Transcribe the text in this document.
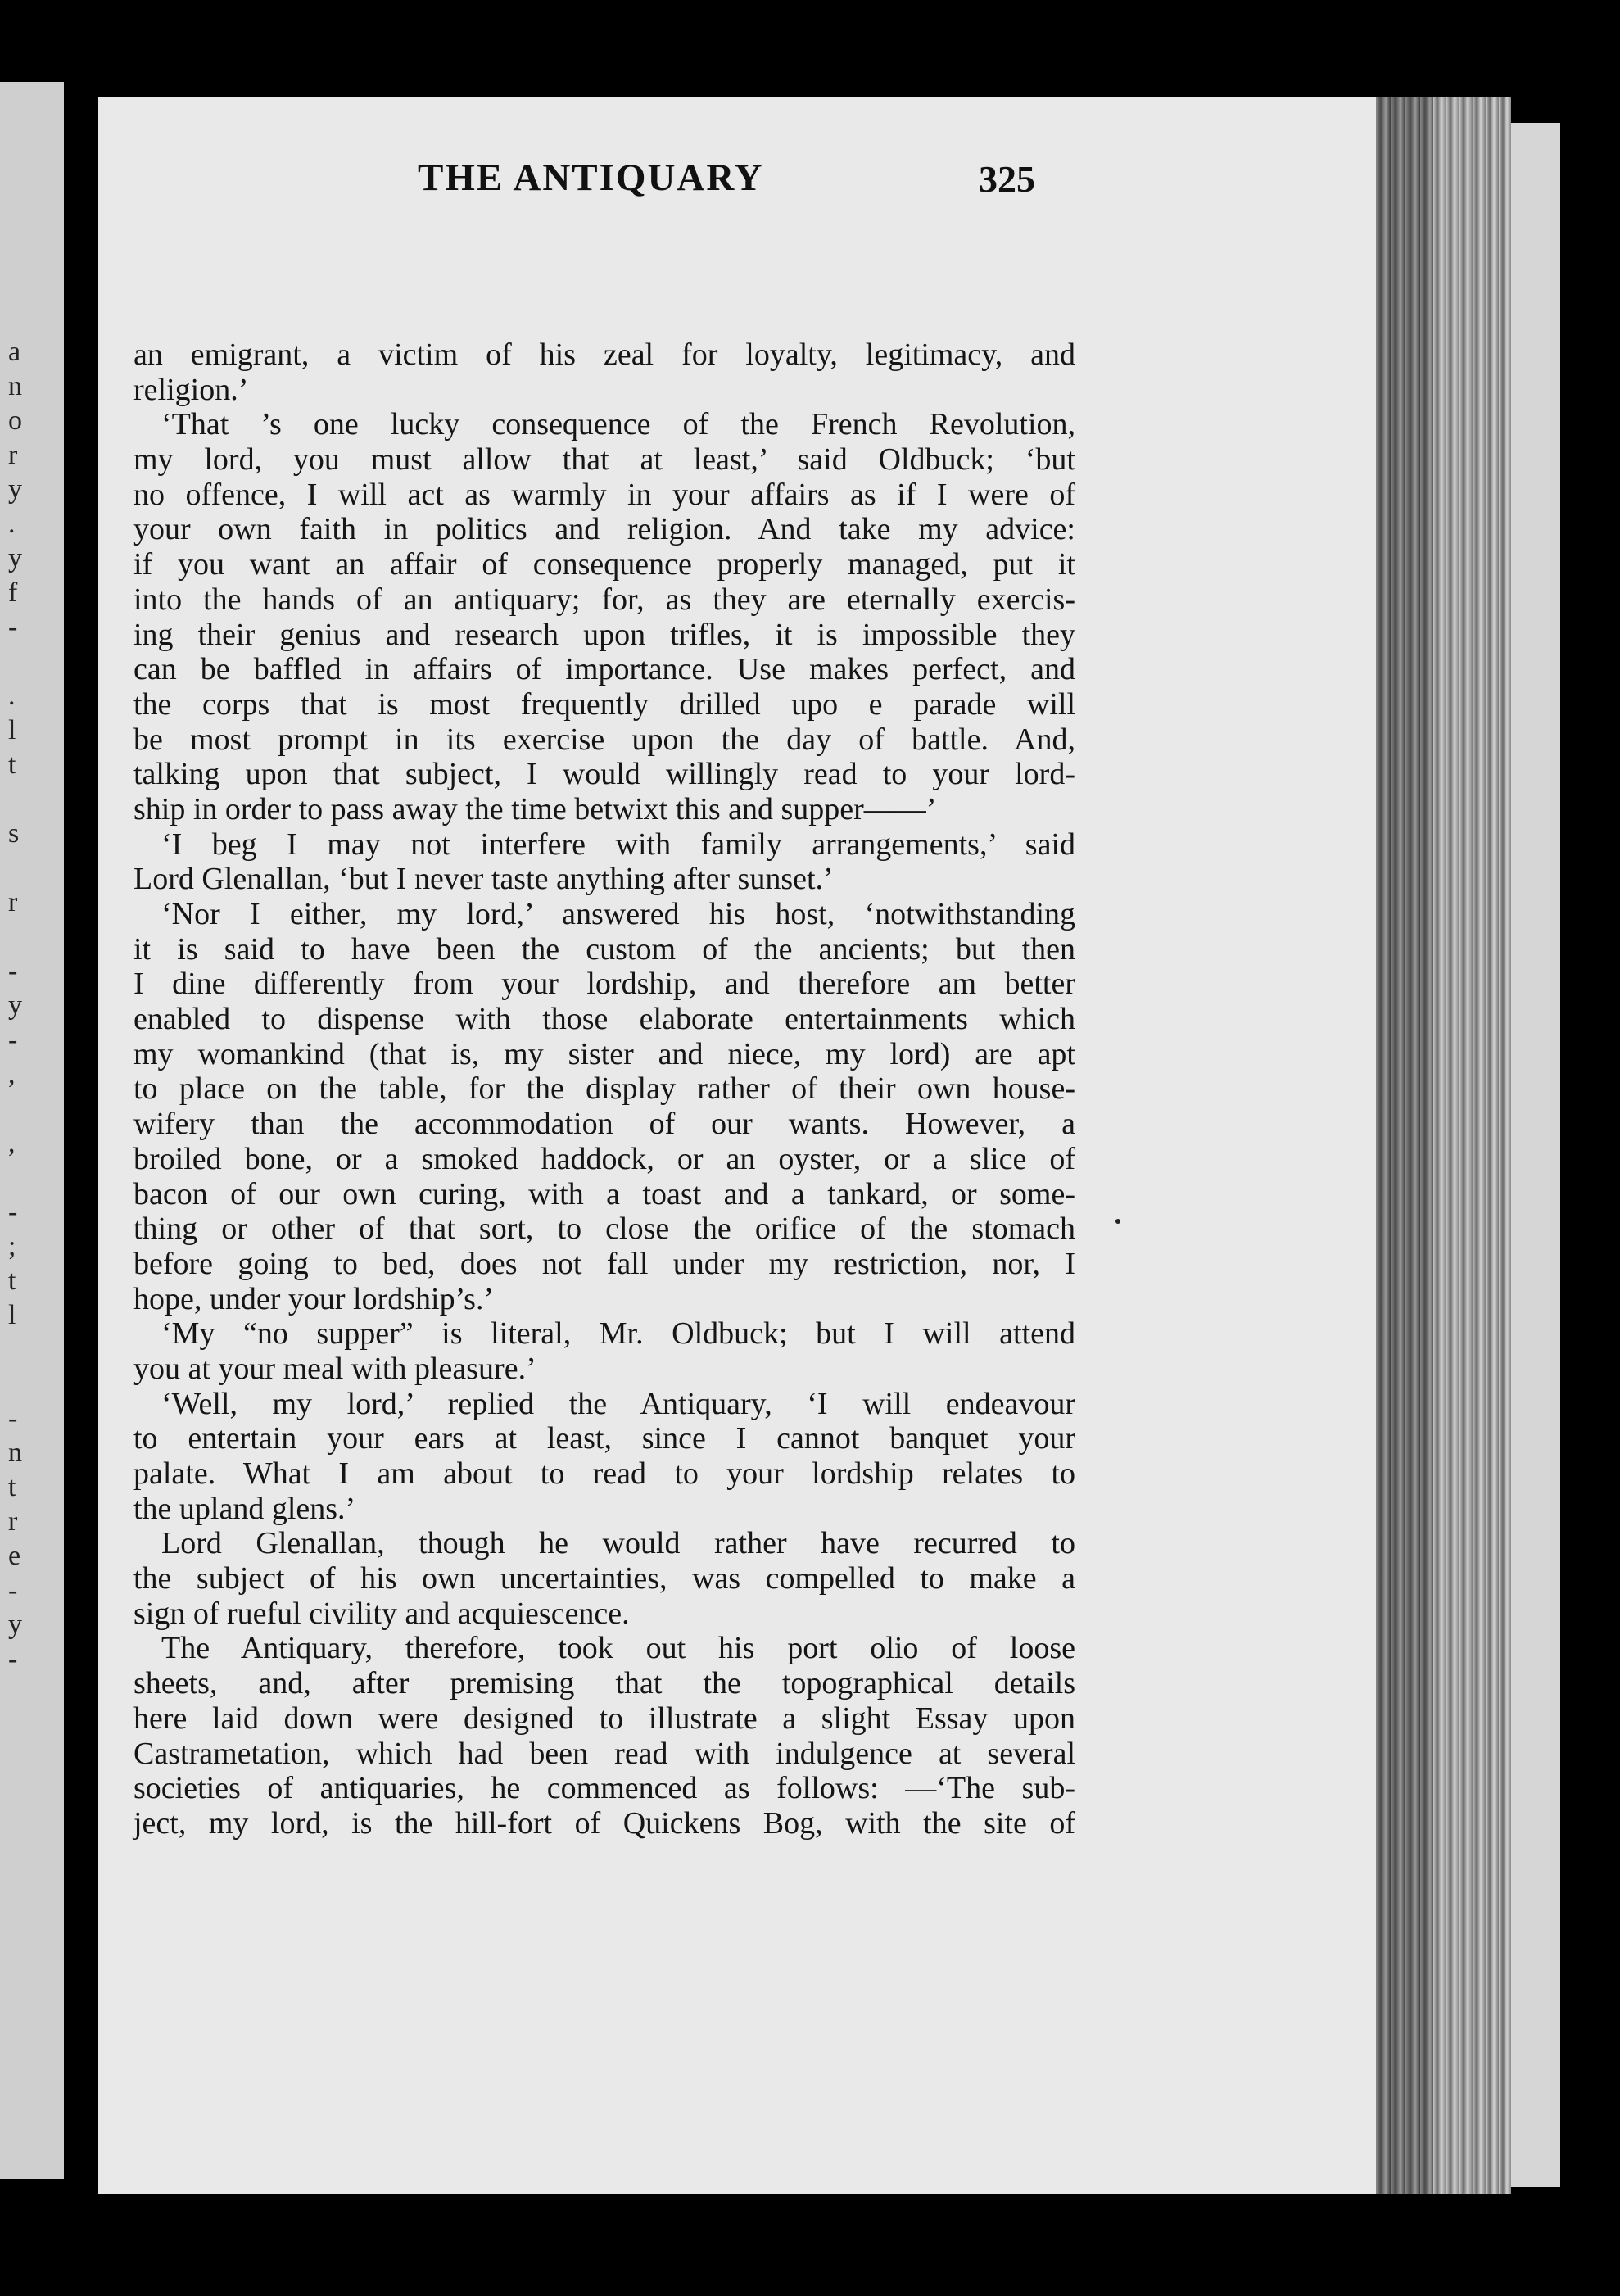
a
n
o
r
y
.
y
f
-
.
l
t
s
r
-
y
-
,
,
-
;
t
l
-
n
t
r
e
-
y
-
THE ANTIQUARY	325
an emigrant, a victim of his zeal for loyalty, legitimacy, and
religion.’
‘That ’s one lucky consequence of the French Revolution,
my lord, you must allow that at least,’ said Oldbuck; ‘but
no offence, I will act as warmly in your affairs as if I were of
your own faith in politics and religion. And take my advice:
if you want an affair of consequence properly managed, put it
into the hands of an antiquary; for, as they are eternally exercis-
ing their genius and research upon trifles, it is impossible they
can be baffled in affairs of importance. Use makes perfect, and
the corps that is most frequently drilled upo e parade will
be most prompt in its exercise upon the day of battle. And,
talking upon that subject, I would willingly read to your lord-
ship in order to pass away the time betwixt this and supper——’
‘I beg I may not interfere with family arrangements,’ said
Lord Glenallan, ‘but I never taste anything after sunset.’
‘Nor I either, my lord,’ answered his host, ‘notwithstanding
it is said to have been the custom of the ancients; but then
I dine differently from your lordship, and therefore am better
enabled to dispense with those elaborate entertainments which
my womankind (that is, my sister and niece, my lord) are apt
to place on the table, for the display rather of their own house-
wifery than the accommodation of our wants. However, a
broiled bone, or a smoked haddock, or an oyster, or a slice of
bacon of our own curing, with a toast and a tankard, or some-
thing or other of that sort, to close the orifice of the stomach
before going to bed, does not fall under my restriction, nor, I
hope, under your lordship’s.’
‘My “no supper” is literal, Mr. Oldbuck; but I will attend
you at your meal with pleasure.’
‘Well, my lord,’ replied the Antiquary, ‘I will endeavour
to entertain your ears at least, since I cannot banquet your
palate. What I am about to read to your lordship relates to
the upland glens.’
Lord Glenallan, though he would rather have recurred to
the subject of his own uncertainties, was compelled to make a
sign of rueful civility and acquiescence.
The Antiquary, therefore, took out his port olio of loose
sheets, and, after premising that the topographical details
here laid down were designed to illustrate a slight Essay upon
Castrametation, which had been read with indulgence at several
societies of antiquaries, he commenced as follows: —‘The sub-
ject, my lord, is the hill-fort of Quickens Bog, with the site of
